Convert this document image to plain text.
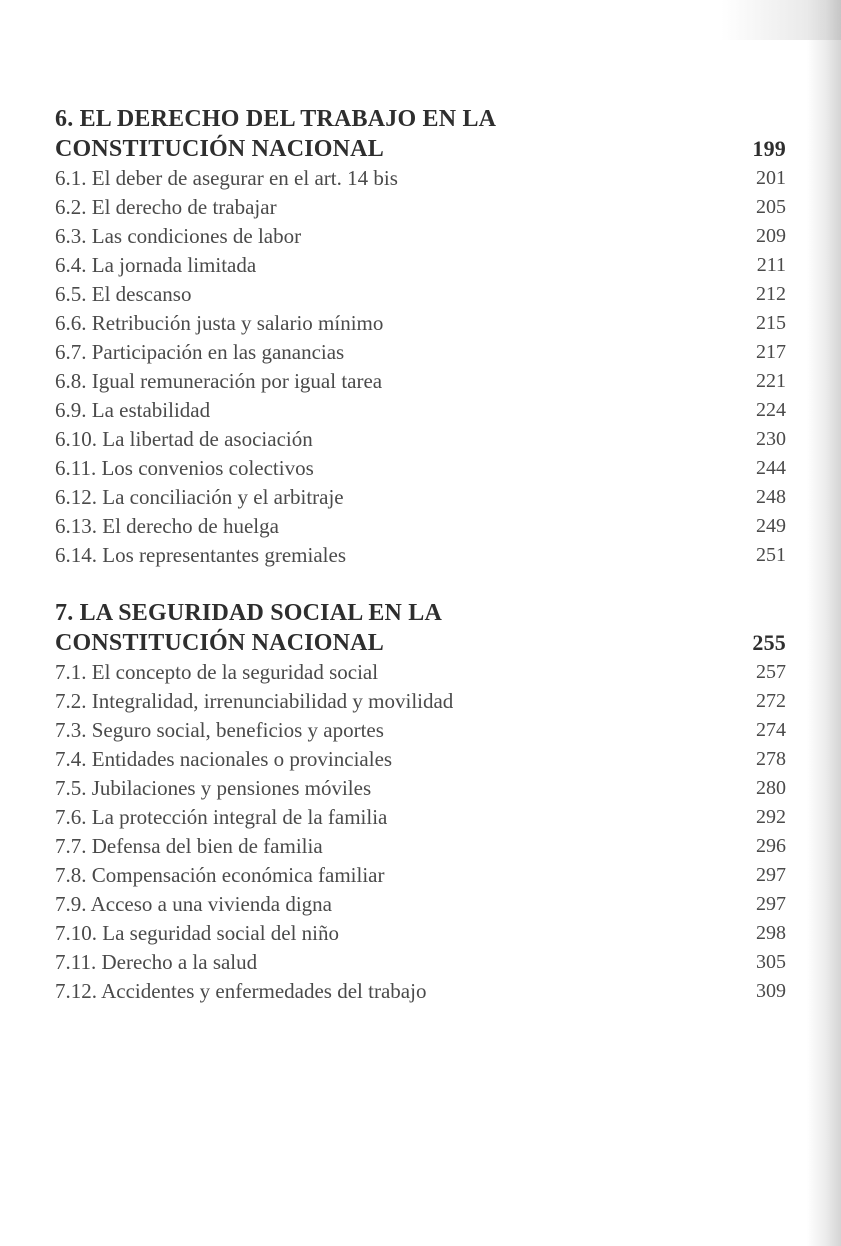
6. EL DERECHO DEL TRABAJO EN LA
CONSTITUCIÓN NACIONAL	199
6.1. El deber de asegurar en el art. 14 bis	201
6.2. El derecho de trabajar	205
6.3. Las condiciones de labor	209
6.4. La jornada limitada	211
6.5. El descanso	212
6.6. Retribución justa y salario mínimo	215
6.7. Participación en las ganancias	217
6.8. Igual remuneración por igual tarea	221
6.9. La estabilidad	224
6.10. La libertad de asociación	230
6.11. Los convenios colectivos	244
6.12. La conciliación y el arbitraje	248
6.13. El derecho de huelga	249
6.14. Los representantes gremiales	251
7. LA SEGURIDAD SOCIAL EN LA
CONSTITUCIÓN NACIONAL	255
7.1. El concepto de la seguridad social	257
7.2. Integralidad, irrenunciabilidad y movilidad	272
7.3. Seguro social, beneficios y aportes	274
7.4. Entidades nacionales o provinciales	278
7.5. Jubilaciones y pensiones móviles	280
7.6. La protección integral de la familia	292
7.7. Defensa del bien de familia	296
7.8. Compensación económica familiar	297
7.9. Acceso a una vivienda digna	297
7.10. La seguridad social del niño	298
7.11. Derecho a la salud	305
7.12. Accidentes y enfermedades del trabajo	309
